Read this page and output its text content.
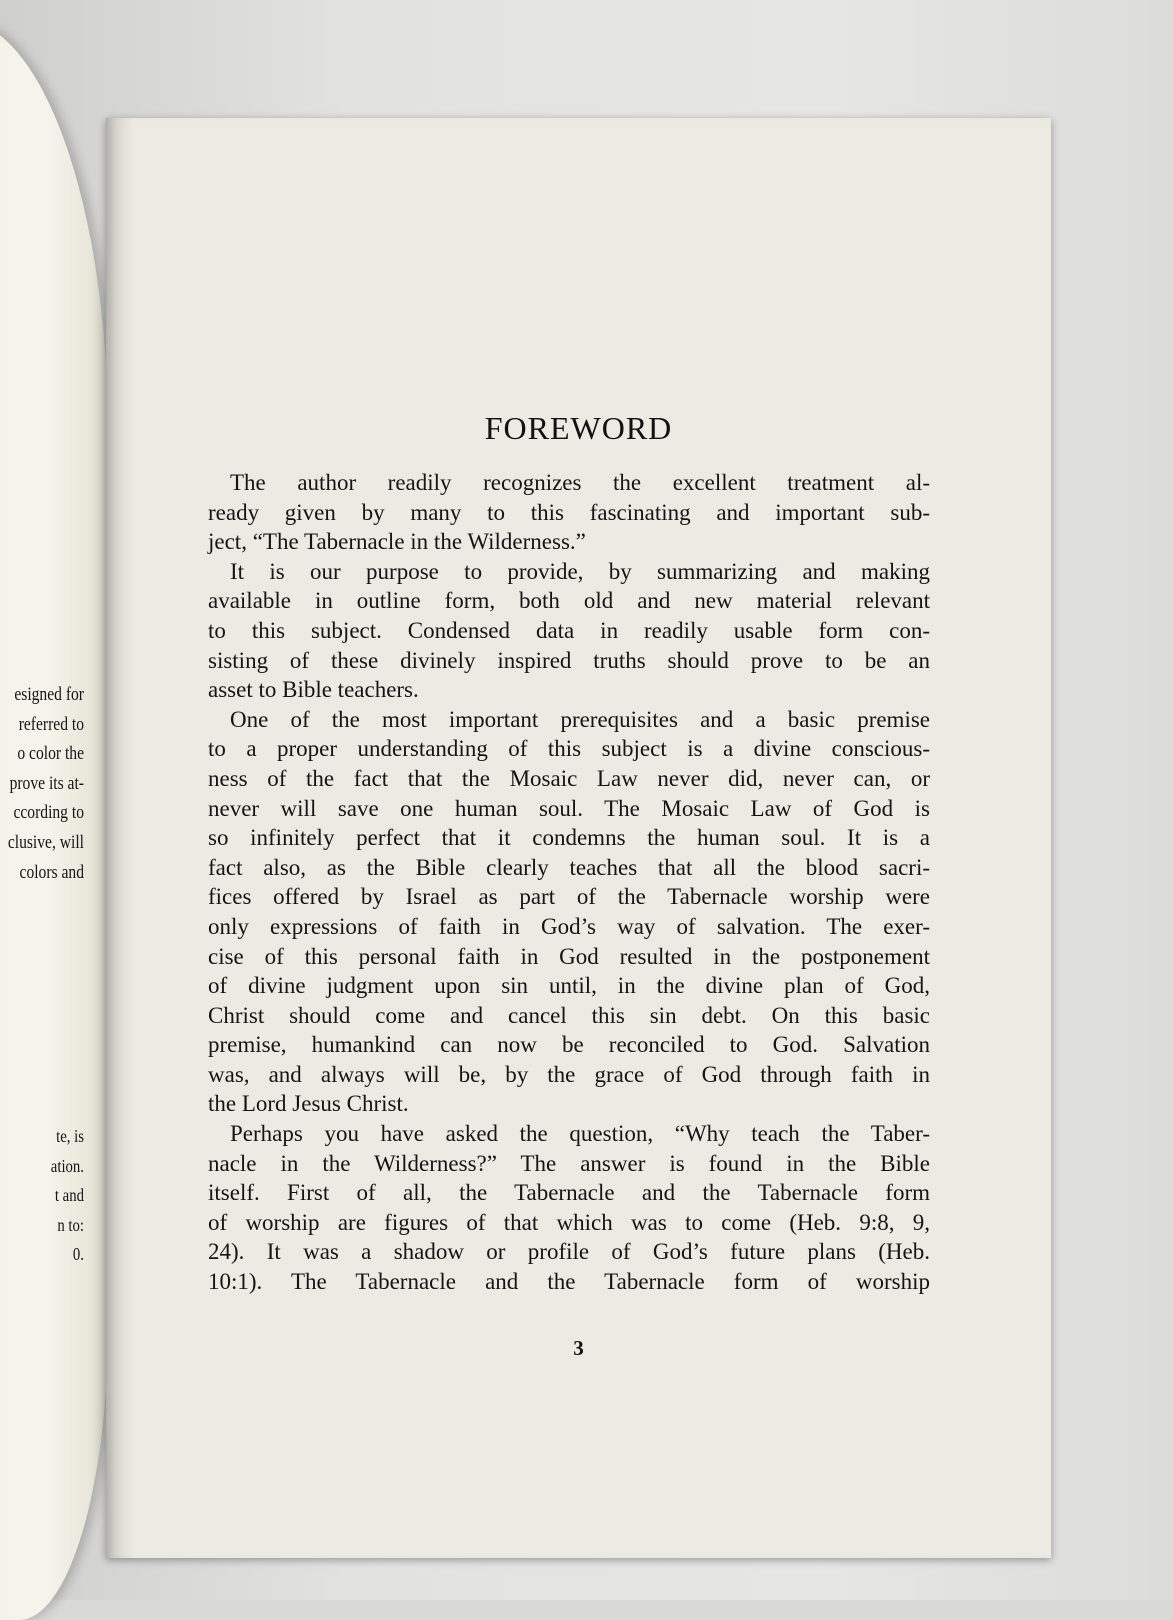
esigned for
referred to
o color the
prove its at-
ccording to
clusive, will
colors and
te, is
ation.
t and
n to:
0.
FOREWORD
The author readily recognizes the excellent treatment al-
ready given by many to this fascinating and important sub-
ject, “The Tabernacle in the Wilderness.”
It is our purpose to provide, by summarizing and making
available in outline form, both old and new material relevant
to this subject. Condensed data in readily usable form con-
sisting of these divinely inspired truths should prove to be an
asset to Bible teachers.
One of the most important prerequisites and a basic premise
to a proper understanding of this subject is a divine conscious-
ness of the fact that the Mosaic Law never did, never can, or
never will save one human soul. The Mosaic Law of God is
so infinitely perfect that it condemns the human soul. It is a
fact also, as the Bible clearly teaches that all the blood sacri-
fices offered by Israel as part of the Tabernacle worship were
only expressions of faith in God’s way of salvation. The exer-
cise of this personal faith in God resulted in the postponement
of divine judgment upon sin until, in the divine plan of God,
Christ should come and cancel this sin debt. On this basic
premise, humankind can now be reconciled to God. Salvation
was, and always will be, by the grace of God through faith in
the Lord Jesus Christ.
Perhaps you have asked the question, “Why teach the Taber-
nacle in the Wilderness?” The answer is found in the Bible
itself. First of all, the Tabernacle and the Tabernacle form
of worship are figures of that which was to come (Heb. 9:8, 9,
24). It was a shadow or profile of God’s future plans (Heb.
10:1). The Tabernacle and the Tabernacle form of worship
3
